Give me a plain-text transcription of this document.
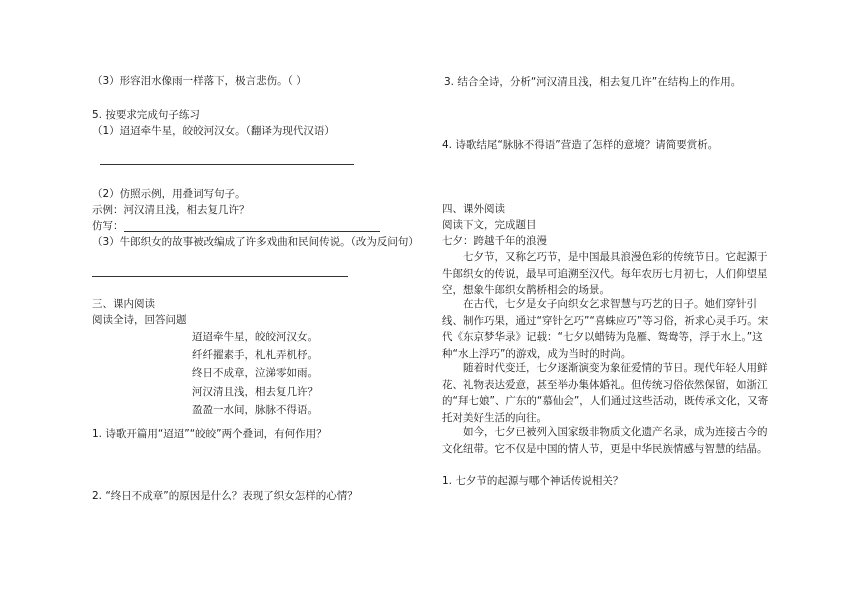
（3）形容泪水像雨一样落下，极言悲伤。（ ）
5. 按要求完成句子练习
（1）迢迢牵牛星，皎皎河汉女。（翻译为现代汉语）
（2）仿照示例，用叠词写句子。
示例：河汉清且浅，相去复几许？
仿写：
（3）牛郎织女的故事被改编成了许多戏曲和民间传说。（改为反问句）
三、课内阅读
阅读全诗，回答问题
迢迢牵牛星，皎皎河汉女。
纤纤擢素手，札札弄机杼。
终日不成章，泣涕零如雨。
河汉清且浅，相去复几许？
盈盈一水间，脉脉不得语。
1. 诗歌开篇用“迢迢”“皎皎”两个叠词，有何作用？
2. “终日不成章”的原因是什么？表现了织女怎样的心情？
3. 结合全诗，分析“河汉清且浅，相去复几许”在结构上的作用。
4. 诗歌结尾“脉脉不得语”营造了怎样的意境？请简要赏析。
四、课外阅读
阅读下文，完成题目
七夕：跨越千年的浪漫
七夕节，又称乞巧节，是中国最具浪漫色彩的传统节日。它起源于牛郎织女的传说，最早可追溯至汉代。每年农历七月初七，人们仰望星空，想象牛郎织女鹊桥相会的场景。
在古代，七夕是女子向织女乞求智慧与巧艺的日子。她们穿针引线、制作巧果，通过“穿针乞巧”“喜蛛应巧”等习俗，祈求心灵手巧。宋代《东京梦华录》记载：“七夕以蜡铸为凫雁、鸳鸯等，浮于水上。”这种“水上浮巧”的游戏，成为当时的时尚。
随着时代变迁，七夕逐渐演变为象征爱情的节日。现代年轻人用鲜花、礼物表达爱意，甚至举办集体婚礼。但传统习俗依然保留，如浙江的“拜七娘”、广东的“慕仙会”，人们通过这些活动，既传承文化，又寄托对美好生活的向往。
如今，七夕已被列入国家级非物质文化遗产名录，成为连接古今的文化纽带。它不仅是中国的情人节，更是中华民族情感与智慧的结晶。
1. 七夕节的起源与哪个神话传说相关？
